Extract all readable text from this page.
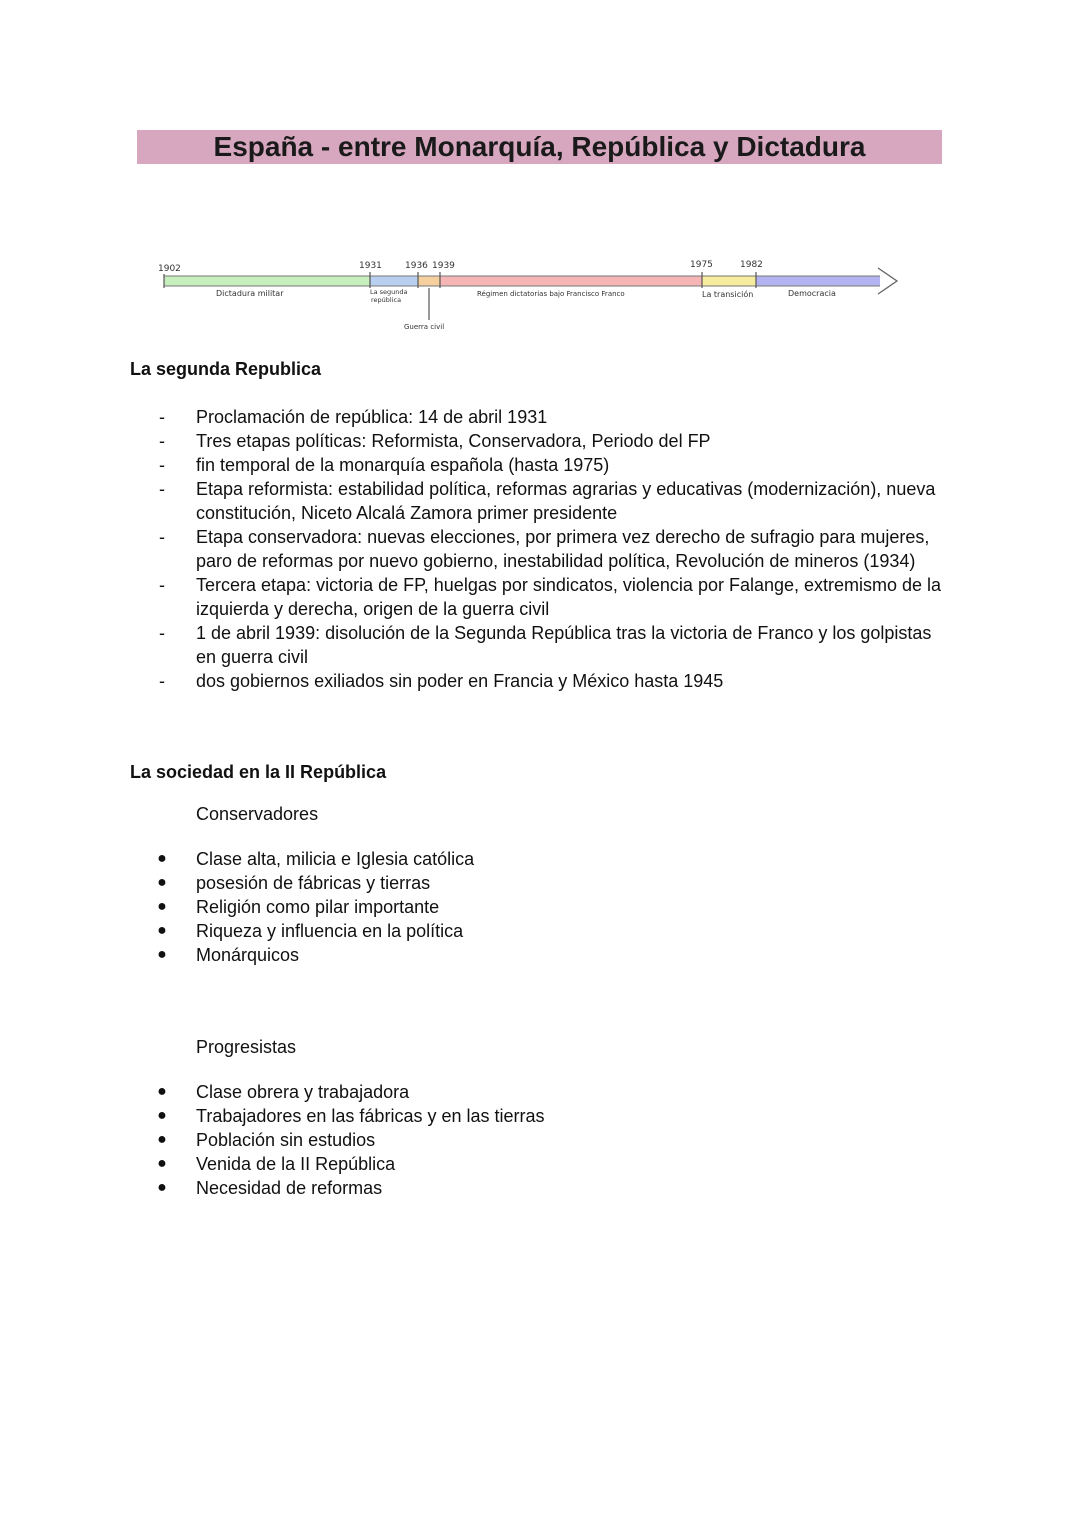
España - entre Monarquía, República y Dictadura
1902	1931	1936 1939	1975	1982
Dictadura militar	La segunda
república
Guerra civil
Régimen dictatorias bajo Francisco Franco	La transición	Democracia
La segunda Republica
- Proclamación de república: 14 de abril 1931
- Tres etapas políticas: Reformista, Conservadora, Periodo del FP
- fin temporal de la monarquía española (hasta 1975)
- Etapa reformista: estabilidad política, reformas agrarias y educativas (modernización), nueva
constitución, Niceto Alcalá Zamora primer presidente
- Etapa conservadora: nuevas elecciones, por primera vez derecho de sufragio para mujeres,
paro de reformas por nuevo gobierno, inestabilidad política, Revolución de mineros (1934)
- Tercera etapa: victoria de FP, huelgas por sindicatos, violencia por Falange, extremismo de la
izquierda y derecha, origen de la guerra civil
- 1 de abril 1939: disolución de la Segunda República tras la victoria de Franco y los golpistas
en guerra civil
- dos gobiernos exiliados sin poder en Francia y México hasta 1945
La sociedad en la II República
Conservadores
● Clase alta, milicia e Iglesia católica
● posesión de fábricas y tierras
● Religión como pilar importante
● Riqueza y influencia en la política
● Monárquicos
Progresistas
● Clase obrera y trabajadora
● Trabajadores en las fábricas y en las tierras
● Población sin estudios
● Venida de la II República
● Necesidad de reformas
